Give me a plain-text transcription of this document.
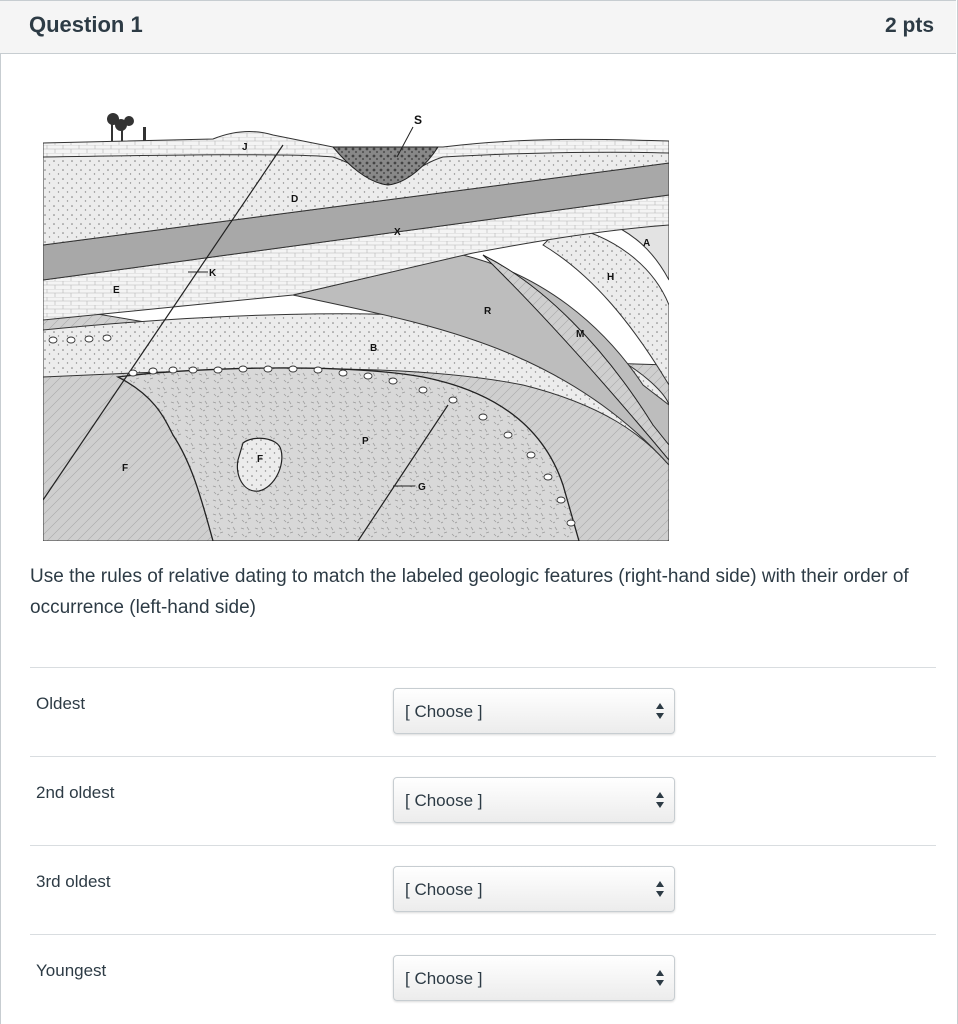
Question 1	2 pts
S
J
D
X
K
E
A
H
R
M
B
P
F
F
G
Use the rules of relative dating to match the labeled geologic features (right-hand side) with their order of occurrence (left-hand side)
Oldest	[ Choose ]
2nd oldest	[ Choose ]
3rd oldest	[ Choose ]
Youngest	[ Choose ]
